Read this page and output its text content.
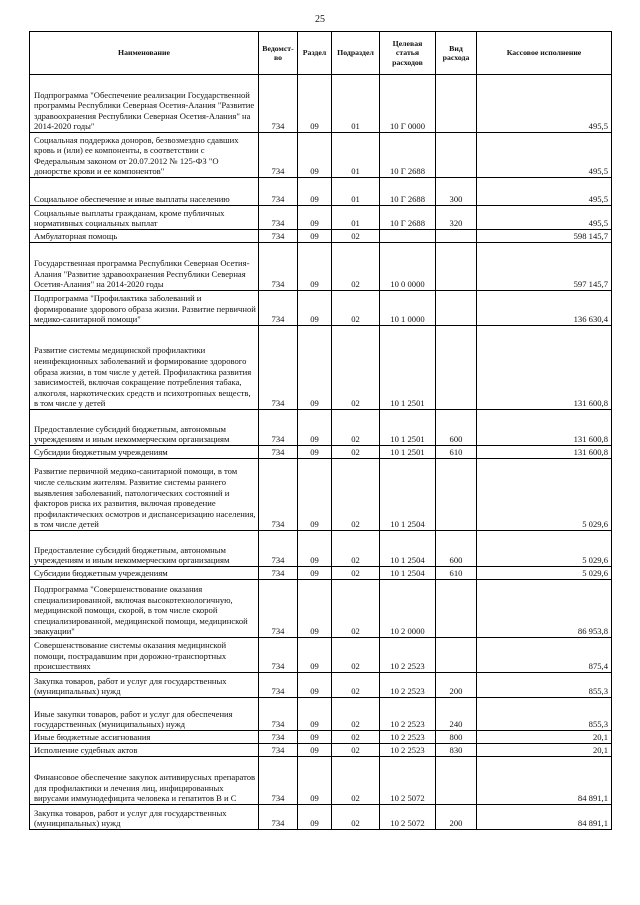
25
Наименование	Ведомст-во	Раздел	Подраздел	Целевая статья расходов	Вид расхода	Кассовое исполнение
Подпрограмма "Обеспечение реализации Государственной программы Республики Северная Осетия-Алания "Развитие здравоохранения Республики Северная Осетия-Алания" на 2014-2020 годы"	734	09	01	10 Г 0000		495,5
Социальная поддержка доноров, безвозмездно сдавших кровь и (или) ее компоненты, в соответствии с Федеральным законом от 20.07.2012 № 125-ФЗ "О донорстве крови и ее компонентов"	734	09	01	10 Г 2688		495,5
Социальное обеспечение и иные выплаты населению	734	09	01	10 Г 2688	300	495,5
Социальные выплаты гражданам, кроме публичных нормативных социальных выплат	734	09	01	10 Г 2688	320	495,5
Амбулаторная помощь	734	09	02			598 145,7
Государственная программа Республики Северная Осетия-Алания "Развитие здравоохранения Республики Северная Осетия-Алания" на 2014-2020 годы	734	09	02	10 0 0000		597 145,7
Подпрограмма "Профилактика заболеваний и формирование здорового образа жизни. Развитие первичной медико-санитарной помощи"	734	09	02	10 1 0000		136 630,4
Развитие системы медицинской профилактики неинфекционных заболеваний и формирование здорового образа жизни, в том числе у детей. Профилактика развития зависимостей, включая сокращение потребления табака, алкоголя, наркотических средств и психотропных веществ, в том числе у детей	734	09	02	10 1 2501		131 600,8
Предоставление субсидий бюджетным, автономным учреждениям и иным некоммерческим организациям	734	09	02	10 1 2501	600	131 600,8
Субсидии бюджетным учреждениям	734	09	02	10 1 2501	610	131 600,8
Развитие первичной медико-санитарной помощи, в том числе сельским жителям. Развитие системы раннего выявления заболеваний, патологических состояний и факторов риска их развития, включая проведение профилактических осмотров и диспансеризацию населения, в том числе детей	734	09	02	10 1 2504		5 029,6
Предоставление субсидий бюджетным, автономным учреждениям и иным некоммерческим организациям	734	09	02	10 1 2504	600	5 029,6
Субсидии бюджетным учреждениям	734	09	02	10 1 2504	610	5 029,6
Подпрограмма "Совершенствование оказания специализированной, включая высокотехнологичную, медицинской помощи, скорой, в том числе скорой специализированной, медицинской помощи, медицинской эвакуации"	734	09	02	10 2 0000		86 953,8
Совершенствование системы оказания медицинской помощи, пострадавшим при дорожно-транспортных происшествиях	734	09	02	10 2 2523		875,4
Закупка товаров, работ и услуг для государственных (муниципальных) нужд	734	09	02	10 2 2523	200	855,3
Иные закупки товаров, работ и услуг для обеспечения государственных (муниципальных) нужд	734	09	02	10 2 2523	240	855,3
Иные бюджетные ассигнования	734	09	02	10 2 2523	800	20,1
Исполнение судебных актов	734	09	02	10 2 2523	830	20,1
Финансовое обеспечение закупок антивирусных препаратов для профилактики и лечения лиц, инфицированных вирусами иммунодефицита человека и гепатитов В и С	734	09	02	10 2 5072		84 891,1
Закупка товаров, работ и услуг для государственных (муниципальных) нужд	734	09	02	10 2 5072	200	84 891,1
